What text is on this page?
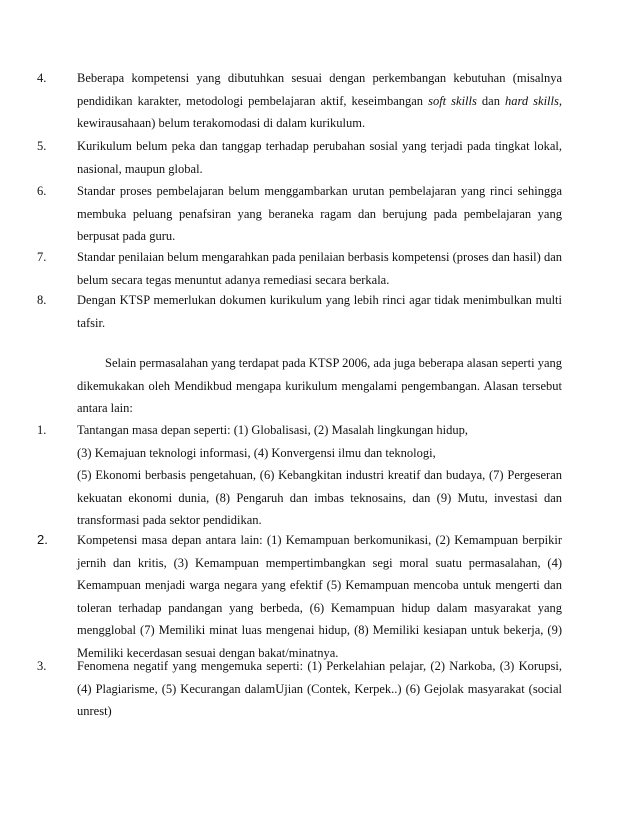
4.	Beberapa kompetensi yang dibutuhkan sesuai dengan perkembangan kebutuhan (misalnya pendidikan karakter, metodologi pembelajaran aktif, keseimbangan soft skills dan hard skills, kewirausahaan) belum terakomodasi di dalam kurikulum.
5.	Kurikulum belum peka dan tanggap terhadap perubahan sosial yang terjadi pada tingkat lokal, nasional, maupun global.
6.	Standar proses pembelajaran belum menggambarkan urutan pembelajaran yang rinci sehingga membuka peluang penafsiran yang beraneka ragam dan berujung pada pembelajaran yang berpusat pada guru.
7.	Standar penilaian belum mengarahkan pada penilaian berbasis kompetensi (proses dan hasil) dan belum secara tegas menuntut adanya remediasi secara berkala.
8.	Dengan KTSP memerlukan dokumen kurikulum yang lebih rinci agar tidak menimbulkan multi tafsir.
Selain permasalahan yang terdapat pada KTSP 2006, ada juga beberapa alasan seperti yang dikemukakan oleh Mendikbud mengapa kurikulum mengalami pengembangan. Alasan tersebut antara lain:
1.	Tantangan masa depan seperti: (1) Globalisasi, (2) Masalah lingkungan hidup,
(3) Kemajuan teknologi informasi, (4) Konvergensi ilmu dan teknologi,
(5) Ekonomi berbasis pengetahuan, (6) Kebangkitan industri kreatif dan budaya, (7) Pergeseran kekuatan ekonomi dunia, (8) Pengaruh dan imbas teknosains, dan (9) Mutu, investasi dan transformasi pada sektor pendidikan.
2.	Kompetensi masa depan antara lain: (1) Kemampuan berkomunikasi, (2) Kemampuan berpikir jernih dan kritis, (3) Kemampuan mempertimbangkan segi moral suatu permasalahan, (4) Kemampuan menjadi warga negara yang efektif (5) Kemampuan mencoba untuk mengerti dan toleran terhadap pandangan yang berbeda, (6) Kemampuan hidup dalam masyarakat yang mengglobal (7) Memiliki minat luas mengenai hidup, (8) Memiliki kesiapan untuk bekerja, (9) Memiliki kecerdasan sesuai dengan bakat/minatnya.
3.	Fenomena negatif yang mengemuka seperti: (1) Perkelahian pelajar, (2) Narkoba, (3) Korupsi, (4) Plagiarisme, (5) Kecurangan dalamUjian (Contek, Kerpek..) (6) Gejolak masyarakat (social unrest)
